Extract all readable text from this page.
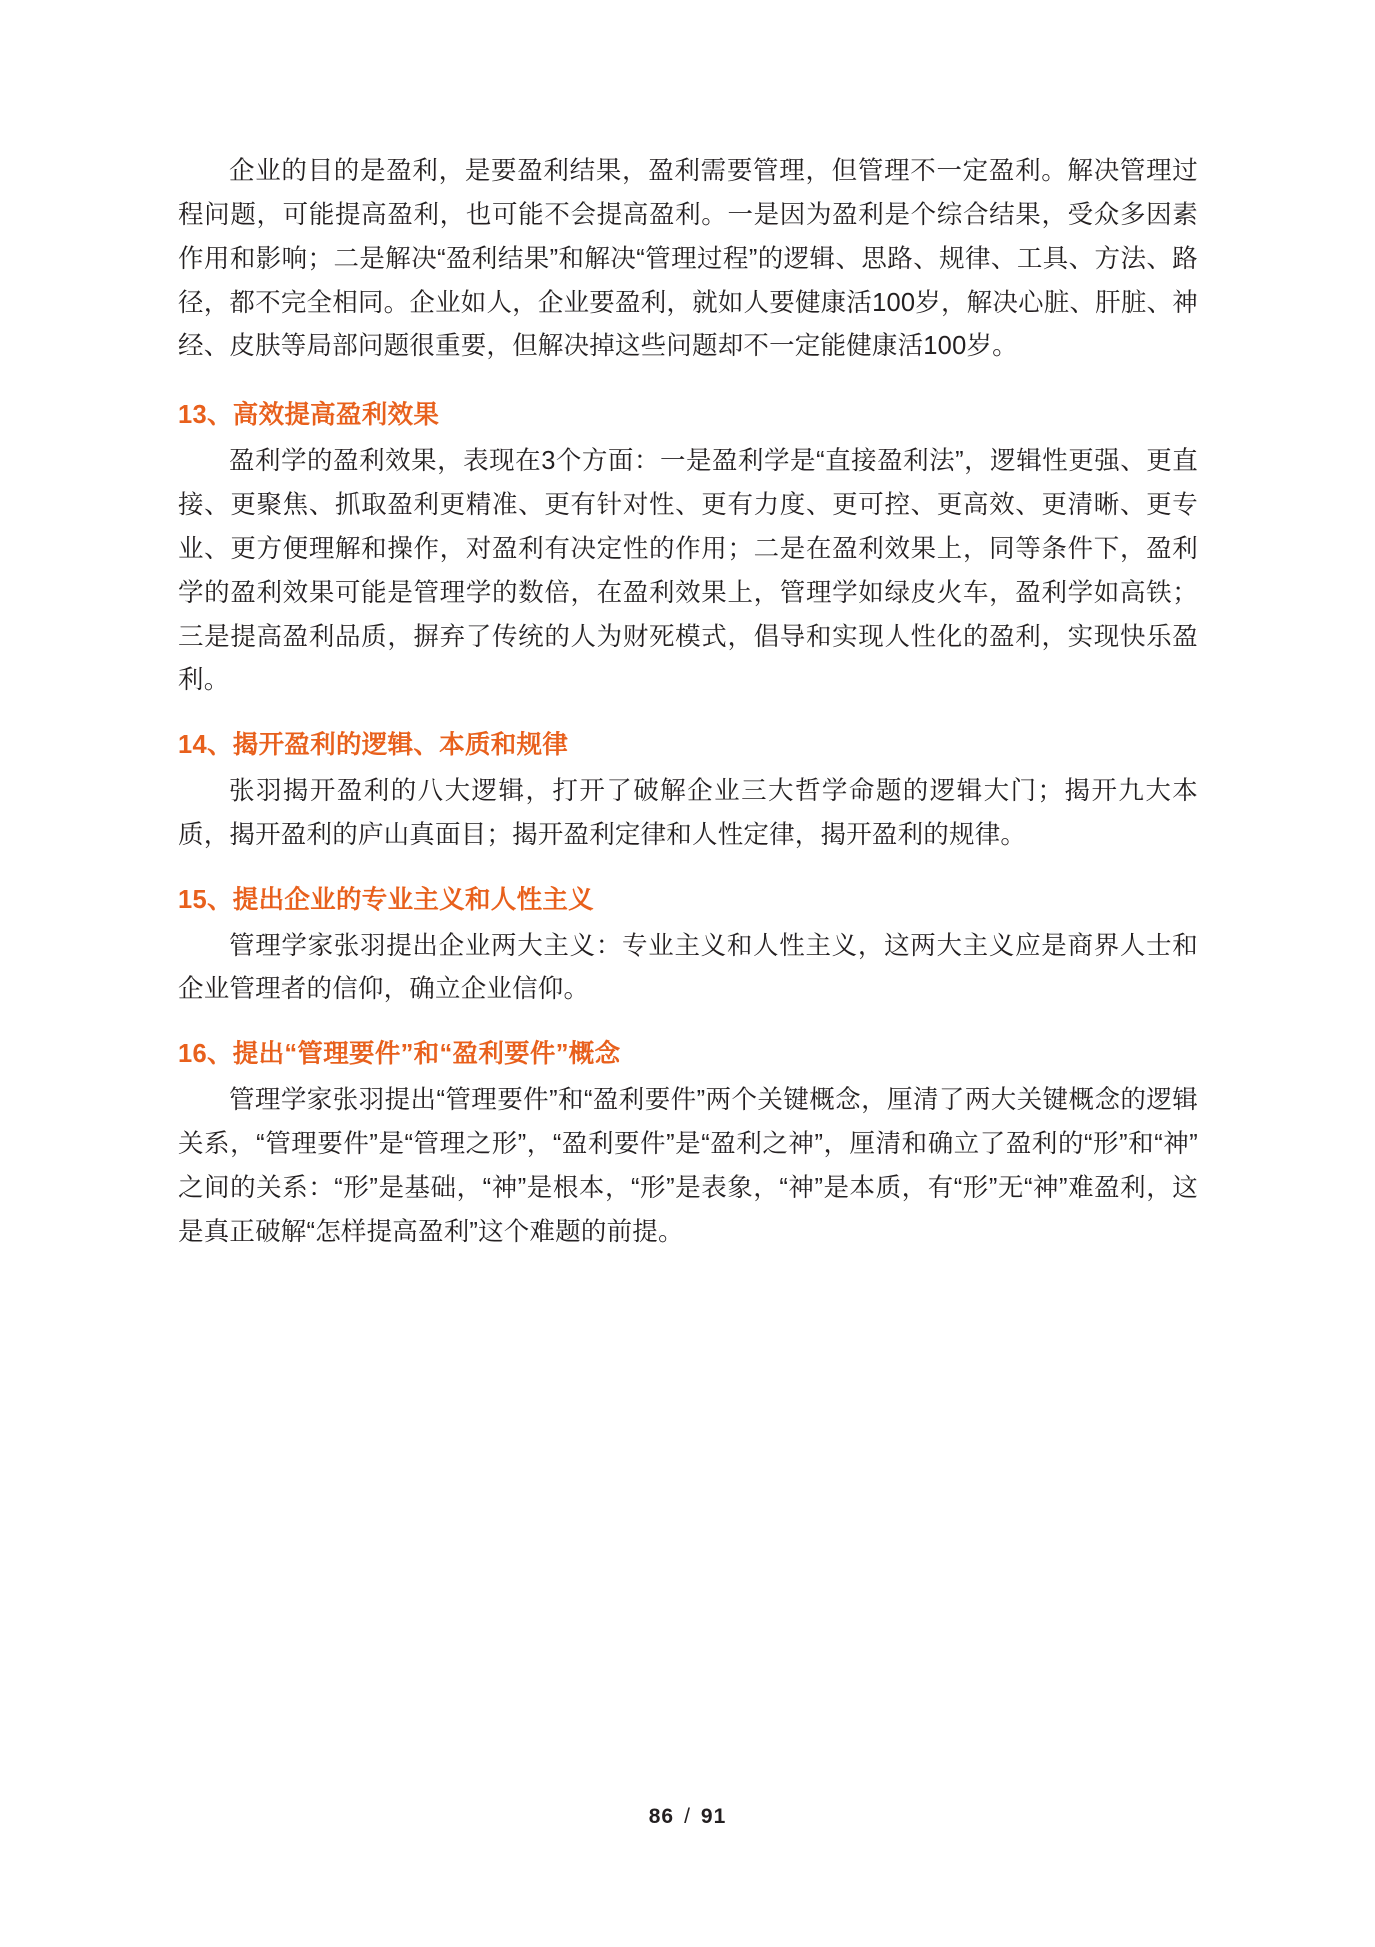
企业的目的是盈利，是要盈利结果，盈利需要管理，但管理不一定盈利。解决管理过程问题，可能提高盈利，也可能不会提高盈利。一是因为盈利是个综合结果，受众多因素作用和影响；二是解决“盈利结果”和解决“管理过程”的逻辑、思路、规律、工具、方法、路径，都不完全相同。企业如人，企业要盈利，就如人要健康活100岁，解决心脏、肝脏、神经、皮肤等局部问题很重要，但解决掉这些问题却不一定能健康活100岁。

13、高效提高盈利效果

盈利学的盈利效果，表现在3个方面：一是盈利学是“直接盈利法”，逻辑性更强、更直接、更聚焦、抓取盈利更精准、更有针对性、更有力度、更可控、更高效、更清晰、更专业、更方便理解和操作，对盈利有决定性的作用；二是在盈利效果上，同等条件下，盈利学的盈利效果可能是管理学的数倍，在盈利效果上，管理学如绿皮火车，盈利学如高铁；三是提高盈利品质，摒弃了传统的人为财死模式，倡导和实现人性化的盈利，实现快乐盈利。

14、揭开盈利的逻辑、本质和规律

张羽揭开盈利的八大逻辑，打开了破解企业三大哲学命题的逻辑大门；揭开九大本质，揭开盈利的庐山真面目；揭开盈利定律和人性定律，揭开盈利的规律。

15、提出企业的专业主义和人性主义

管理学家张羽提出企业两大主义：专业主义和人性主义，这两大主义应是商界人士和企业管理者的信仰，确立企业信仰。

16、提出“管理要件”和“盈利要件”概念

管理学家张羽提出“管理要件”和“盈利要件”两个关键概念，厘清了两大关键概念的逻辑关系，“管理要件”是“管理之形”，“盈利要件”是“盈利之神”，厘清和确立了盈利的“形”和“神”之间的关系：“形”是基础，“神”是根本，“形”是表象，“神”是本质，有“形”无“神”难盈利，这是真正破解“怎样提高盈利”这个难题的前提。

86 / 91
